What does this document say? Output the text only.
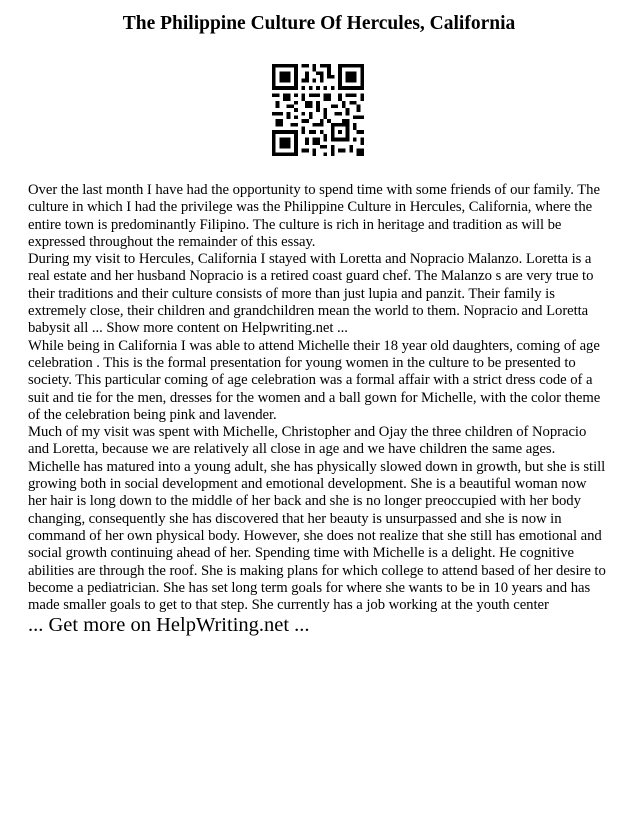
The Philippine Culture Of Hercules, California

Over the last month I have had the opportunity to spend time with some friends of our family. The culture in which I had the privilege was the Philippine Culture in Hercules, California, where the entire town is predominantly Filipino. The culture is rich in heritage and tradition as will be expressed throughout the remainder of this essay.

During my visit to Hercules, California I stayed with Loretta and Nopracio Malanzo. Loretta is a real estate and her husband Nopracio is a retired coast guard chef. The Malanzo s are very true to their traditions and their culture consists of more than just lupia and panzit. Their family is extremely close, their children and grandchildren mean the world to them. Nopracio and Loretta babysit all ... Show more content on Helpwriting.net ...

While being in California I was able to attend Michelle their 18 year old daughters, coming of age celebration . This is the formal presentation for young women in the culture to be presented to society. This particular coming of age celebration was a formal affair with a strict dress code of a suit and tie for the men, dresses for the women and a ball gown for Michelle, with the color theme of the celebration being pink and lavender.

Much of my visit was spent with Michelle, Christopher and Ojay the three children of Nopracio and Loretta, because we are relatively all close in age and we have children the same ages. Michelle has matured into a young adult, she has physically slowed down in growth, but she is still growing both in social development and emotional development. She is a beautiful woman now her hair is long down to the middle of her back and she is no longer preoccupied with her body changing, consequently she has discovered that her beauty is unsurpassed and she is now in command of her own physical body. However, she does not realize that she still has emotional and social growth continuing ahead of her. Spending time with Michelle is a delight. He cognitive abilities are through the roof. She is making plans for which college to attend based of her desire to become a pediatrician. She has set long term goals for where she wants to be in 10 years and has made smaller goals to get to that step. She currently has a job working at the youth center

... Get more on HelpWriting.net ...
